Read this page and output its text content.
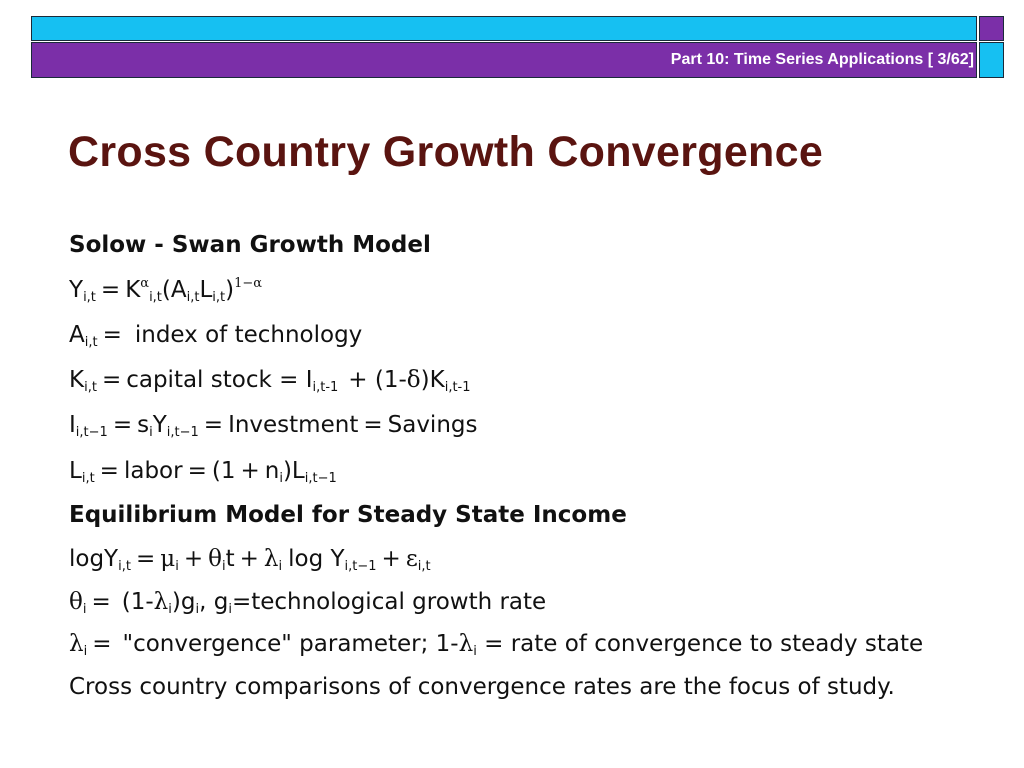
Part 10: Time Series Applications [ 3/62]
Cross Country Growth Convergence
Solow - Swan Growth Model
$Y_{i,t} = K^\alpha_{i,t}(A_{i,t}L_{i,t})^{1-\alpha}$
$A_{i,t}$ = index of technology
$K_{i,t}$ = capital stock = $I_{i,t-1} + (1-\delta)K_{i,t-1}$
$I_{i,t-1} = s_iY_{i,t-1}$ = Investment = Savings
$L_{i,t}$ = labor = $(1 + n_i)L_{i,t-1}$
Equilibrium Model for Steady State Income
$\log Y_{i,t} = \mu_i + \theta_it + \lambda_i$ $\log Y_{i,t-1} + \varepsilon_{i,t}$
$\theta_i = (1-\lambda_i)g_i$, $g_i=technological$ growth rate
$\lambda_i$ = "convergence" parameter; $1-\lambda_i$ = rate of convergence to steady state
Cross country comparisons of convergence rates are the focus of study.
